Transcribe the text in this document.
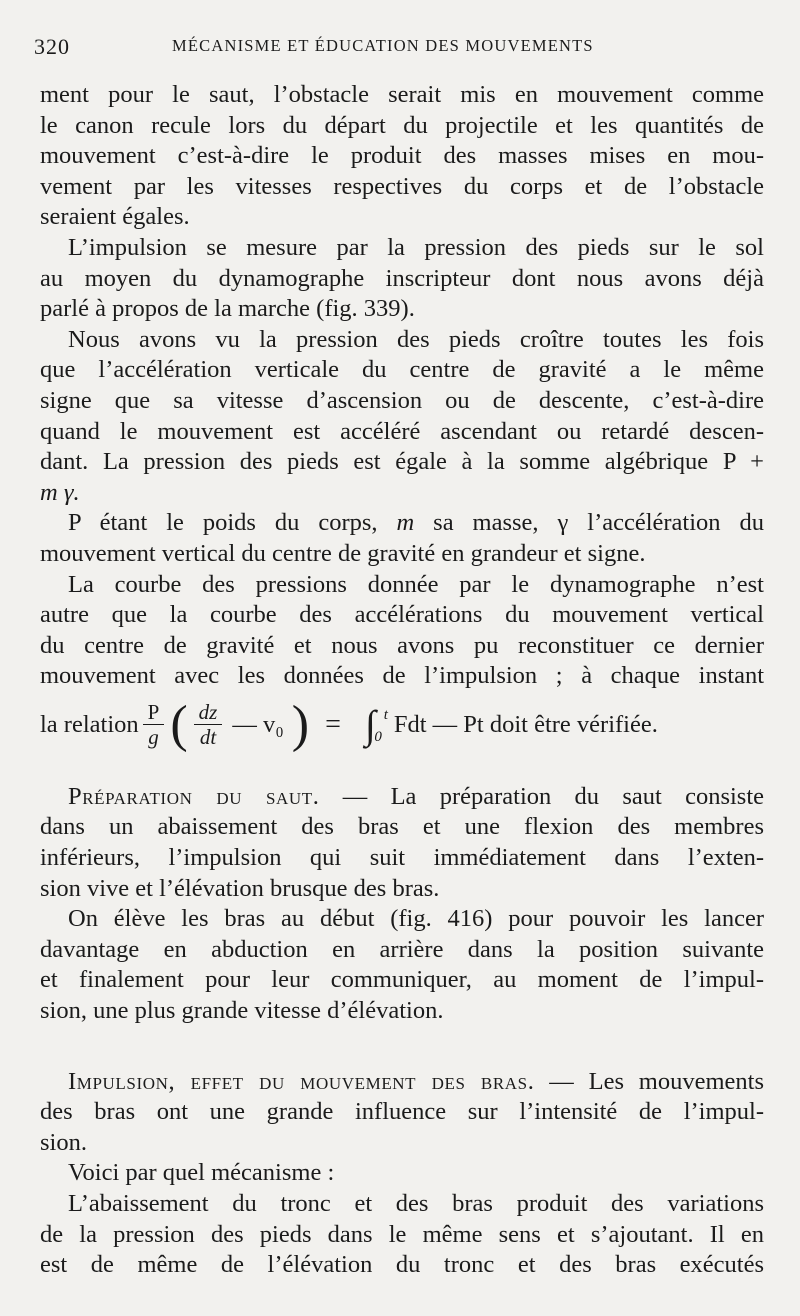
320	MÉCANISME ET ÉDUCATION DES MOUVEMENTS
ment pour le saut, l’obstacle serait mis en mouvement comme
le canon recule lors du départ du projectile et les quantités de
mouvement c’est-à-dire le produit des masses mises en mou-
vement par les vitesses respectives du corps et de l’obstacle
seraient égales.
L’impulsion se mesure par la pression des pieds sur le sol
au moyen du dynamographe inscripteur dont nous avons déjà
parlé à propos de la marche (fig. 339).
Nous avons vu la pression des pieds croître toutes les fois
que l’accélération verticale du centre de gravité a le même
signe que sa vitesse d’ascension ou de descente, c’est-à-dire
quand le mouvement est accéléré ascendant ou retardé descen-
dant. La pression des pieds est égale à la somme algébrique P +
m γ.
P étant le poids du corps, m sa masse, γ l’accélération du
mouvement vertical du centre de gravité en grandeur et signe.
La courbe des pressions donnée par le dynamographe n’est
autre que la courbe des accélérations du mouvement vertical
du centre de gravité et nous avons pu reconstituer ce dernier
mouvement avec les données de l’impulsion ; à chaque instant
la relation $\frac{P}{g}$ ( $\frac{dz}{dt}$ — v₀ ) = ∫ t
0 Fdt — Pt doit être vérifiée.
Préparation du saut. — La préparation du saut consiste
dans un abaissement des bras et une flexion des membres
inférieurs, l’impulsion qui suit immédiatement dans l’exten-
sion vive et l’élévation brusque des bras.
On élève les bras au début (fig. 416) pour pouvoir les lancer
davantage en abduction en arrière dans la position suivante
et finalement pour leur communiquer, au moment de l’impul-
sion, une plus grande vitesse d’élévation.
Impulsion, effet du mouvement des bras. — Les mouvements
des bras ont une grande influence sur l’intensité de l’impul-
sion.
Voici par quel mécanisme :
L’abaissement du tronc et des bras produit des variations
de la pression des pieds dans le même sens et s’ajoutant. Il en
est de même de l’élévation du tronc et des bras exécutés
